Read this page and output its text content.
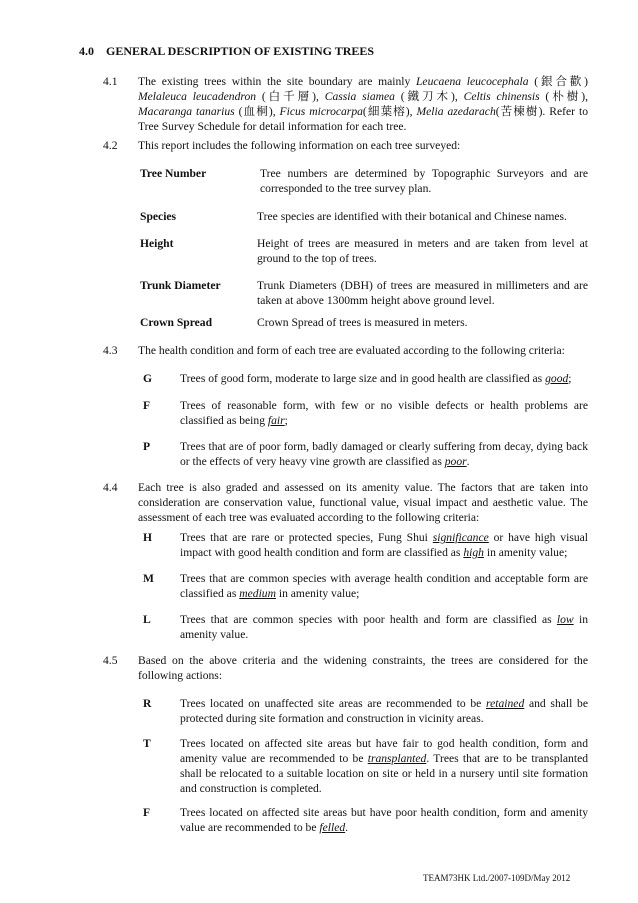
4.0 GENERAL DESCRIPTION OF EXISTING TREES
4.1 The existing trees within the site boundary are mainly Leucaena leucocephala (銀合歡) Melaleuca leucadendron (白千層), Cassia siamea (鐵刀木), Celtis chinensis (朴樹), Macaranga tanarius (血桐), Ficus microcarpa(細葉榕), Melia azedarach(苦楝樹). Refer to Tree Survey Schedule for detail information for each tree.
4.2 This report includes the following information on each tree surveyed:
Tree Number	Tree numbers are determined by Topographic Surveyors and are corresponded to the tree survey plan.
Species	Tree species are identified with their botanical and Chinese names.
Height	Height of trees are measured in meters and are taken from level at ground to the top of trees.
Trunk Diameter	Trunk Diameters (DBH) of trees are measured in millimeters and are taken at above 1300mm height above ground level.
Crown Spread	Crown Spread of trees is measured in meters.
4.3 The health condition and form of each tree are evaluated according to the following criteria:
G Trees of good form, moderate to large size and in good health are classified as good;
F	Trees of reasonable form, with few or no visible defects or health problems are classified as being fair;
P	Trees that are of poor form, badly damaged or clearly suffering from decay, dying back or the effects of very heavy vine growth are classified as poor.
4.4 Each tree is also graded and assessed on its amenity value. The factors that are taken into consideration are conservation value, functional value, visual impact and aesthetic value. The assessment of each tree was evaluated according to the following criteria:
H Trees that are rare or protected species, Fung Shui significance or have high visual impact with good health condition and form are classified as high in amenity value;
M Trees that are common species with average health condition and acceptable form are classified as medium in amenity value;
L	Trees that are common species with poor health and form are classified as low in amenity value.
4.5 Based on the above criteria and the widening constraints, the trees are considered for the following actions:
R Trees located on unaffected site areas are recommended to be retained and shall be protected during site formation and construction in vicinity areas.
T	Trees located on affected site areas but have fair to god health condition, form and amenity value are recommended to be transplanted. Trees that are to be transplanted shall be relocated to a suitable location on site or held in a nursery until site formation and construction is completed.
F	Trees located on affected site areas but have poor health condition, form and amenity value are recommended to be felled.
TEAM73HK Ltd./2007-109D/May 2012
